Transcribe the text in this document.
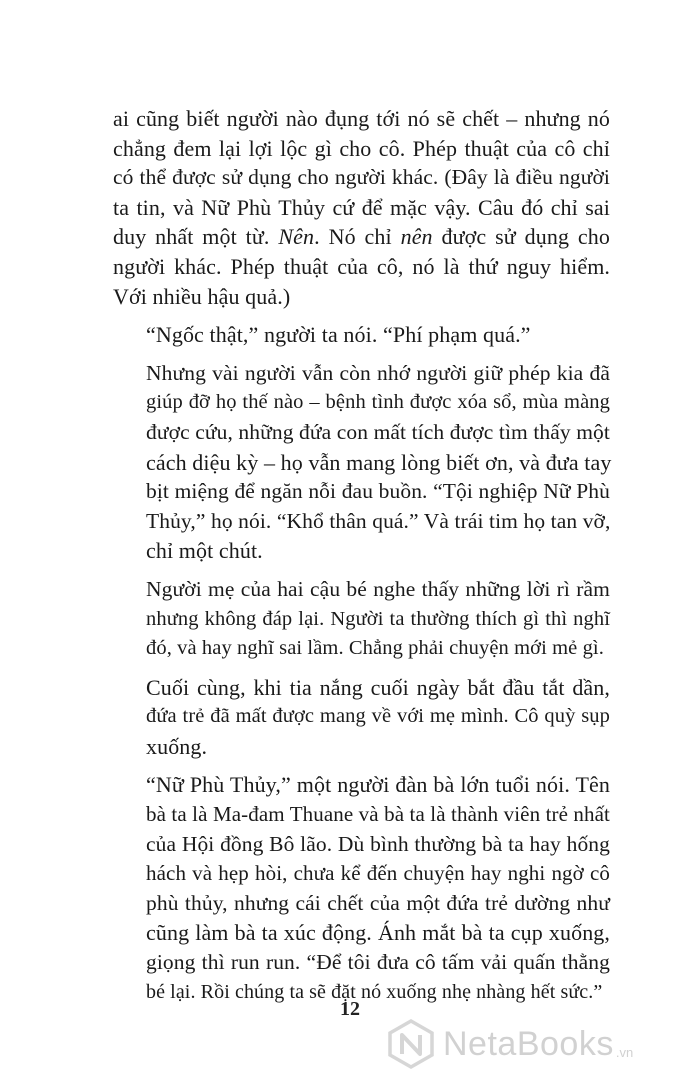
ai cũng biết người nào đụng tới nó sẽ chết – nhưng nó
chẳng đem lại lợi lộc gì cho cô. Phép thuật của cô chỉ
có thể được sử dụng cho người khác. (Đây là điều người
ta tin, và Nữ Phù Thủy cứ để mặc vậy. Câu đó chỉ sai
duy nhất một từ. Nên. Nó chỉ nên được sử dụng cho
người khác. Phép thuật của cô, nó là thứ nguy hiểm.
Với nhiều hậu quả.)
“Ngốc thật,” người ta nói. “Phí phạm quá.”
Nhưng vài người vẫn còn nhớ người giữ phép kia đã
giúp đỡ họ thế nào – bệnh tình được xóa sổ, mùa màng
được cứu, những đứa con mất tích được tìm thấy một
cách diệu kỳ – họ vẫn mang lòng biết ơn, và đưa tay
bịt miệng để ngăn nỗi đau buồn. “Tội nghiệp Nữ Phù
Thủy,” họ nói. “Khổ thân quá.” Và trái tim họ tan vỡ,
chỉ một chút.
Người mẹ của hai cậu bé nghe thấy những lời rì rầm
nhưng không đáp lại. Người ta thường thích gì thì nghĩ
đó, và hay nghĩ sai lầm. Chẳng phải chuyện mới mẻ gì.
Cuối cùng, khi tia nắng cuối ngày bắt đầu tắt dần,
đứa trẻ đã mất được mang về với mẹ mình. Cô quỳ sụp
xuống.
“Nữ Phù Thủy,” một người đàn bà lớn tuổi nói. Tên
bà ta là Ma-đam Thuane và bà ta là thành viên trẻ nhất
của Hội đồng Bô lão. Dù bình thường bà ta hay hống
hách và hẹp hòi, chưa kể đến chuyện hay nghi ngờ cô
phù thủy, nhưng cái chết của một đứa trẻ dường như
cũng làm bà ta xúc động. Ánh mắt bà ta cụp xuống,
giọng thì run run. “Để tôi đưa cô tấm vải quấn thằng
bé lại. Rồi chúng ta sẽ đặt nó xuống nhẹ nhàng hết sức.”
12
NetaBooks .vn
